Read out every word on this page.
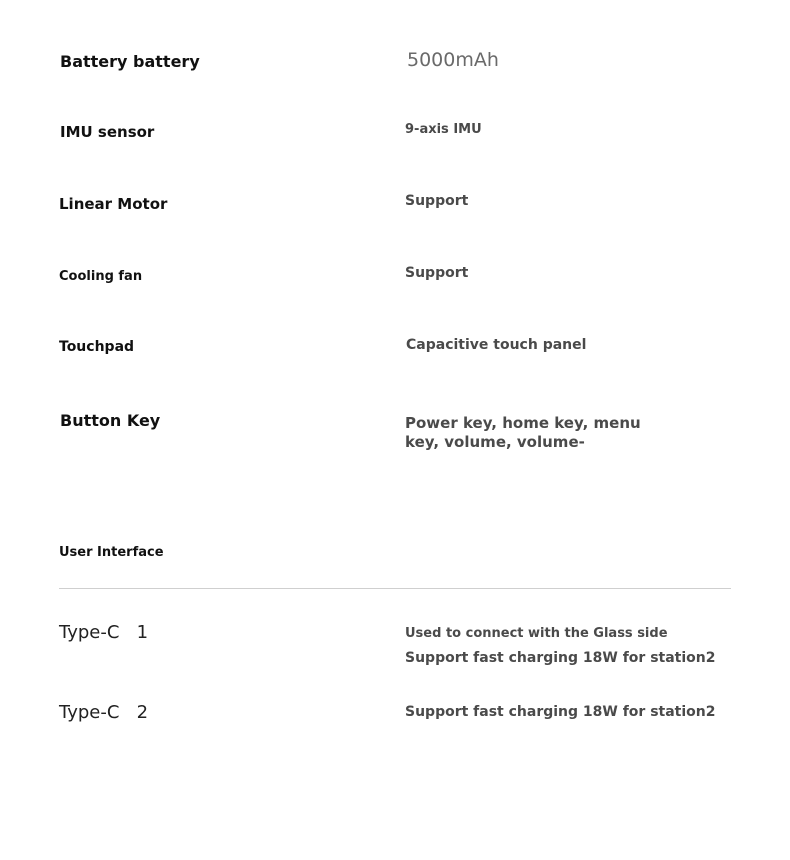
Battery battery	5000mAh
IMU sensor	9-axis IMU
Linear Motor	Support
Cooling fan	Support
Touchpad	Capacitive touch panel
Button Key	Power key, home key, menu
key, volume, volume-
User Interface
Type-C   1	Used to connect with the Glass side
Support fast charging 18W for station2
Type-C   2	Support fast charging 18W for station2
